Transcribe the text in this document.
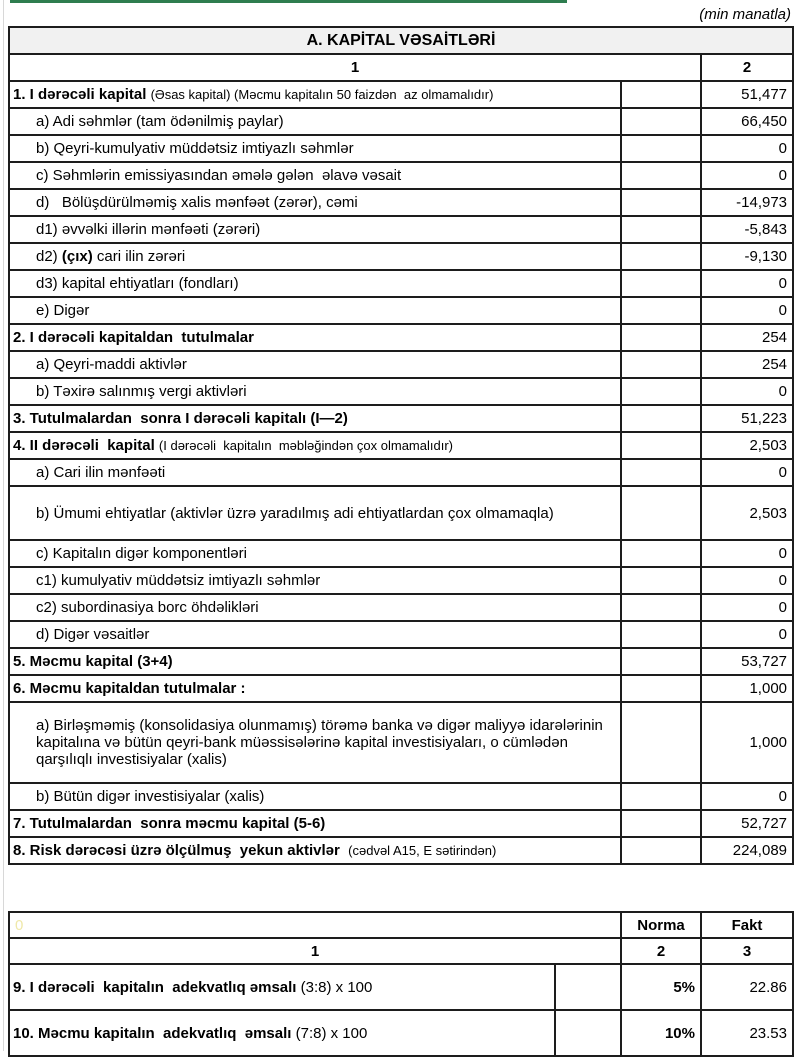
(min manatla)
A. KAPİTAL VƏSAİTLƏRİ		
1		2
1. I dərəcəli kapital (Əsas kapital) (Məcmu kapitalın 50 faizdən  az olmamalıdır)		51,477
a) Adi səhmlər (tam ödənilmiş paylar)		66,450
b) Qeyri-kumulyativ müddətsiz imtiyazlı səhmlər		0
c) Səhmlərin emissiyasından əmələ gələn  əlavə vəsait		0
d)   Bölüşdürülməmiş xalis mənfəət (zərər), cəmi		-14,973
d1) əvvəlki illərin mənfəəti (zərəri)		-5,843
d2) (çıx) cari ilin zərəri		-9,130
d3) kapital ehtiyatları (fondları)		0
e) Digər		0
2. I dərəcəli kapitaldan  tutulmalar		254
a) Qeyri-maddi aktivlər		254
b) Təxirə salınmış vergi aktivləri		0
3. Tutulmalardan  sonra I dərəcəli kapitalı (I—2)		51,223
4. II dərəcəli  kapital (I dərəcəli  kapitalın  məbləğindən çox olmamalıdır)		2,503
a) Cari ilin mənfəəti		0
b) Ümumi ehtiyatlar (aktivlər üzrə yaradılmış adi ehtiyatlardan çox olmamaqla)		2,503
c) Kapitalın digər komponentləri		0
c1) kumulyativ müddətsiz imtiyazlı səhmlər		0
c2) subordinasiya borc öhdəlikləri		0
d) Digər vəsaitlər		0
5. Məcmu kapital (3+4)		53,727
6. Məcmu kapitaldan tutulmalar :		1,000
a) Birləşməmiş (konsolidasiya olunmamış) törəmə banka və digər maliyyə idarələrinin kapitalına və bütün qeyri-bank müəssisələrinə kapital investisiyaları, o cümlədən qarşılıqlı investisiyalar (xalis)		1,000
b) Bütün digər investisiyalar (xalis)		0
7. Tutulmalardan  sonra məcmu kapital (5-6)		52,727
8. Risk dərəcəsi üzrə ölçülmuş  yekun aktivlər  (cədvəl A15, E sətirindən)		224,089
0		Norma	Fakt
1		2	3
9. I dərəcəli  kapitalın  adekvatlıq əmsalı (3:8) x 100		5%	22.86
10. Məcmu kapitalın  adekvatlıq  əmsalı (7:8) x 100		10%	23.53
